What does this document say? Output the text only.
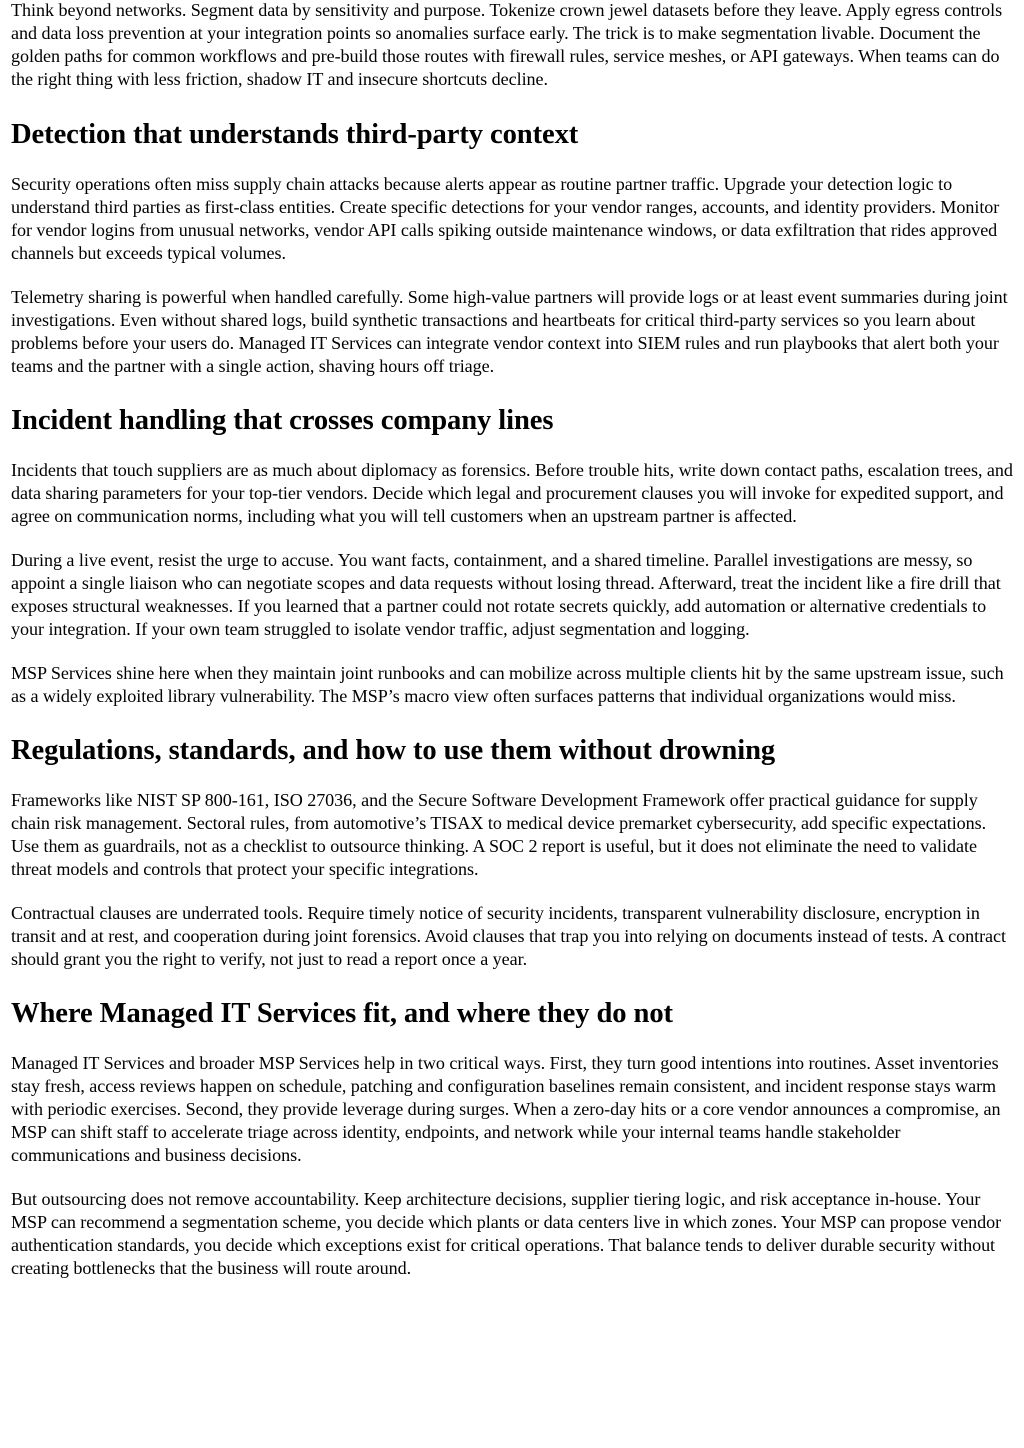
Think beyond networks. Segment data by sensitivity and purpose. Tokenize crown jewel datasets before they leave. Apply egress controls and data loss prevention at your integration points so anomalies surface early. The trick is to make segmentation livable. Document the golden paths for common workflows and pre-build those routes with firewall rules, service meshes, or API gateways. When teams can do the right thing with less friction, shadow IT and insecure shortcuts decline.

Detection that understands third-party context

Security operations often miss supply chain attacks because alerts appear as routine partner traffic. Upgrade your detection logic to understand third parties as first-class entities. Create specific detections for your vendor ranges, accounts, and identity providers. Monitor for vendor logins from unusual networks, vendor API calls spiking outside maintenance windows, or data exfiltration that rides approved channels but exceeds typical volumes.

Telemetry sharing is powerful when handled carefully. Some high-value partners will provide logs or at least event summaries during joint investigations. Even without shared logs, build synthetic transactions and heartbeats for critical third-party services so you learn about problems before your users do. Managed IT Services can integrate vendor context into SIEM rules and run playbooks that alert both your teams and the partner with a single action, shaving hours off triage.

Incident handling that crosses company lines

Incidents that touch suppliers are as much about diplomacy as forensics. Before trouble hits, write down contact paths, escalation trees, and data sharing parameters for your top-tier vendors. Decide which legal and procurement clauses you will invoke for expedited support, and agree on communication norms, including what you will tell customers when an upstream partner is affected.

During a live event, resist the urge to accuse. You want facts, containment, and a shared timeline. Parallel investigations are messy, so appoint a single liaison who can negotiate scopes and data requests without losing thread. Afterward, treat the incident like a fire drill that exposes structural weaknesses. If you learned that a partner could not rotate secrets quickly, add automation or alternative credentials to your integration. If your own team struggled to isolate vendor traffic, adjust segmentation and logging.

MSP Services shine here when they maintain joint runbooks and can mobilize across multiple clients hit by the same upstream issue, such as a widely exploited library vulnerability. The MSP’s macro view often surfaces patterns that individual organizations would miss.

Regulations, standards, and how to use them without drowning

Frameworks like NIST SP 800-161, ISO 27036, and the Secure Software Development Framework offer practical guidance for supply chain risk management. Sectoral rules, from automotive’s TISAX to medical device premarket cybersecurity, add specific expectations. Use them as guardrails, not as a checklist to outsource thinking. A SOC 2 report is useful, but it does not eliminate the need to validate threat models and controls that protect your specific integrations.

Contractual clauses are underrated tools. Require timely notice of security incidents, transparent vulnerability disclosure, encryption in transit and at rest, and cooperation during joint forensics. Avoid clauses that trap you into relying on documents instead of tests. A contract should grant you the right to verify, not just to read a report once a year.

Where Managed IT Services fit, and where they do not

Managed IT Services and broader MSP Services help in two critical ways. First, they turn good intentions into routines. Asset inventories stay fresh, access reviews happen on schedule, patching and configuration baselines remain consistent, and incident response stays warm with periodic exercises. Second, they provide leverage during surges. When a zero-day hits or a core vendor announces a compromise, an MSP can shift staff to accelerate triage across identity, endpoints, and network while your internal teams handle stakeholder communications and business decisions.

But outsourcing does not remove accountability. Keep architecture decisions, supplier tiering logic, and risk acceptance in-house. Your MSP can recommend a segmentation scheme, you decide which plants or data centers live in which zones. Your MSP can propose vendor authentication standards, you decide which exceptions exist for critical operations. That balance tends to deliver durable security without creating bottlenecks that the business will route around.
